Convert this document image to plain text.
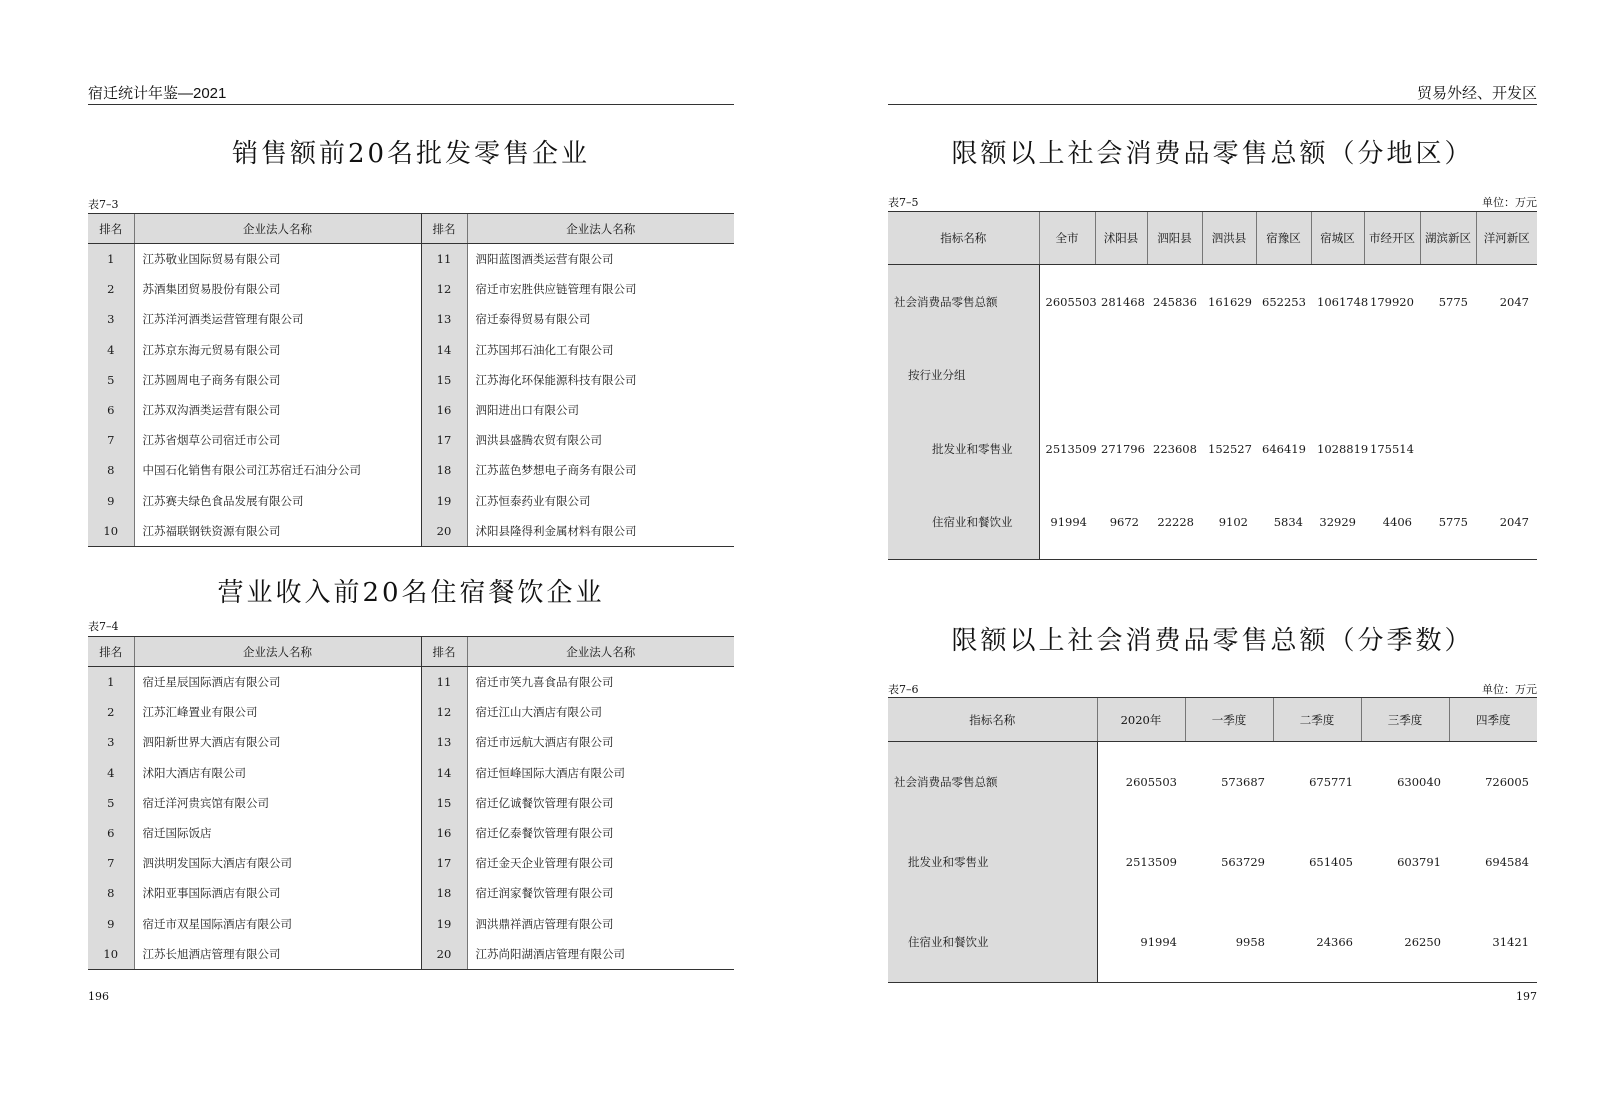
宿迁统计年鉴—2021
销售额前20名批发零售企业
表7–3
排名	企业法人名称	排名	企业法人名称
1	江苏敬业国际贸易有限公司	11	泗阳蓝图酒类运营有限公司
2	苏酒集团贸易股份有限公司	12	宿迁市宏胜供应链管理有限公司
3	江苏洋河酒类运营管理有限公司	13	宿迁泰得贸易有限公司
4	江苏京东海元贸易有限公司	14	江苏国邦石油化工有限公司
5	江苏圆周电子商务有限公司	15	江苏海化环保能源科技有限公司
6	江苏双沟酒类运营有限公司	16	泗阳进出口有限公司
7	江苏省烟草公司宿迁市公司	17	泗洪县盛腾农贸有限公司
8	中国石化销售有限公司江苏宿迁石油分公司	18	江苏蓝色梦想电子商务有限公司
9	江苏赛夫绿色食品发展有限公司	19	江苏恒泰药业有限公司
10	江苏福联钢铁资源有限公司	20	沭阳县隆得利金属材料有限公司
营业收入前20名住宿餐饮企业
表7–4
排名	企业法人名称	排名	企业法人名称
1	宿迁星辰国际酒店有限公司	11	宿迁市笑九喜食品有限公司
2	江苏汇峰置业有限公司	12	宿迁江山大酒店有限公司
3	泗阳新世界大酒店有限公司	13	宿迁市远航大酒店有限公司
4	沭阳大酒店有限公司	14	宿迁恒峰国际大酒店有限公司
5	宿迁洋河贵宾馆有限公司	15	宿迁亿诚餐饮管理有限公司
6	宿迁国际饭店	16	宿迁亿泰餐饮管理有限公司
7	泗洪明发国际大酒店有限公司	17	宿迁金天企业管理有限公司
8	沭阳亚事国际酒店有限公司	18	宿迁润家餐饮管理有限公司
9	宿迁市双星国际酒店有限公司	19	泗洪鼎祥酒店管理有限公司
10	江苏长旭酒店管理有限公司	20	江苏尚阳湖酒店管理有限公司
196
贸易外经、开发区
限额以上社会消费品零售总额（分地区）
表7–5	单位：万元
指标名称	全市	沭阳县	泗阳县	泗洪县	宿豫区	宿城区	市经开区	湖滨新区	洋河新区
社会消费品零售总额	2605503	281468	245836	161629	652253	1061748	179920	5775	2047
按行业分组									
批发业和零售业	2513509	271796	223608	152527	646419	1028819	175514		
住宿业和餐饮业	91994	9672	22228	9102	5834	32929	4406	5775	2047
限额以上社会消费品零售总额（分季数）
表7–6	单位：万元
指标名称	2020年	一季度	二季度	三季度	四季度
社会消费品零售总额	2605503	573687	675771	630040	726005
批发业和零售业	2513509	563729	651405	603791	694584
住宿业和餐饮业	91994	9958	24366	26250	31421
197
